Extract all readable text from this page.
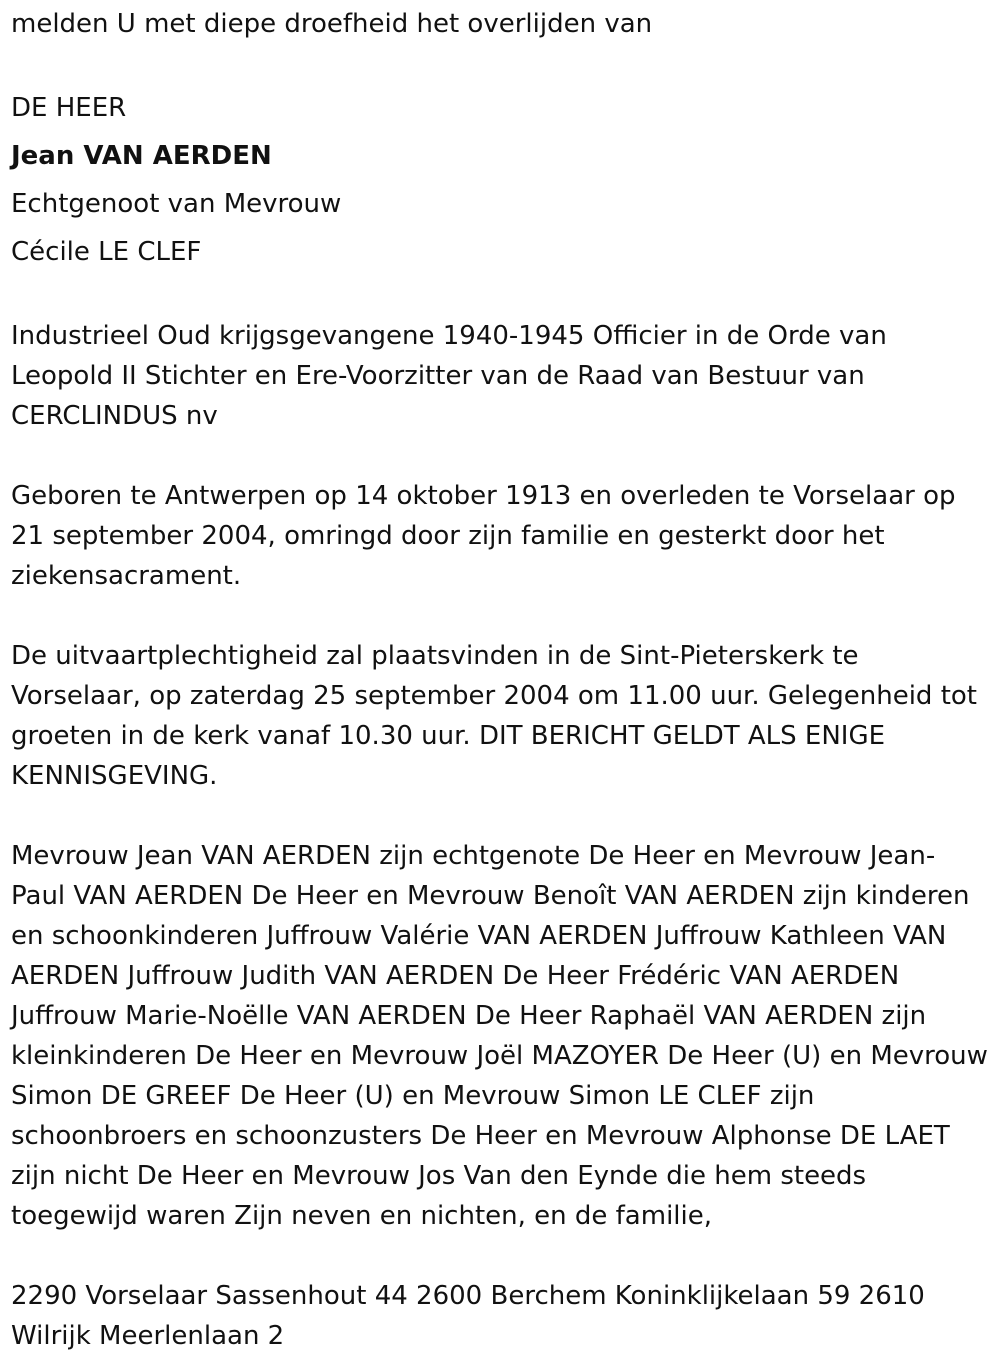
melden U met diepe droefheid het overlijden van

DE HEER

Jean VAN AERDEN

Echtgenoot van Mevrouw

Cécile LE CLEF

Industrieel Oud krijgsgevangene 1940-1945 Officier in de Orde van Leopold II Stichter en Ere-Voorzitter van de Raad van Bestuur van CERCLINDUS nv

Geboren te Antwerpen op 14 oktober 1913 en overleden te Vorselaar op 21 september 2004, omringd door zijn familie en gesterkt door het ziekensacrament.

De uitvaartplechtigheid zal plaatsvinden in de Sint-Pieterskerk te Vorselaar, op zaterdag 25 september 2004 om 11.00 uur. Gelegenheid tot groeten in de kerk vanaf 10.30 uur. DIT BERICHT GELDT ALS ENIGE KENNISGEVING.

Mevrouw Jean VAN AERDEN zijn echtgenote De Heer en Mevrouw Jean-Paul VAN AERDEN De Heer en Mevrouw Benoît VAN AERDEN zijn kinderen en schoonkinderen Juffrouw Valérie VAN AERDEN Juffrouw Kathleen VAN AERDEN Juffrouw Judith VAN AERDEN De Heer Frédéric VAN AERDEN Juffrouw Marie-Noëlle VAN AERDEN De Heer Raphaël VAN AERDEN zijn kleinkinderen De Heer en Mevrouw Joël MAZOYER De Heer (U) en Mevrouw Simon DE GREEF De Heer (U) en Mevrouw Simon LE CLEF zijn schoonbroers en schoonzusters De Heer en Mevrouw Alphonse DE LAET zijn nicht De Heer en Mevrouw Jos Van den Eynde die hem steeds toegewijd waren Zijn neven en nichten, en de familie,

2290 Vorselaar Sassenhout 44 2600 Berchem Koninklijkelaan 59 2610 Wilrijk Meerlenlaan 2
